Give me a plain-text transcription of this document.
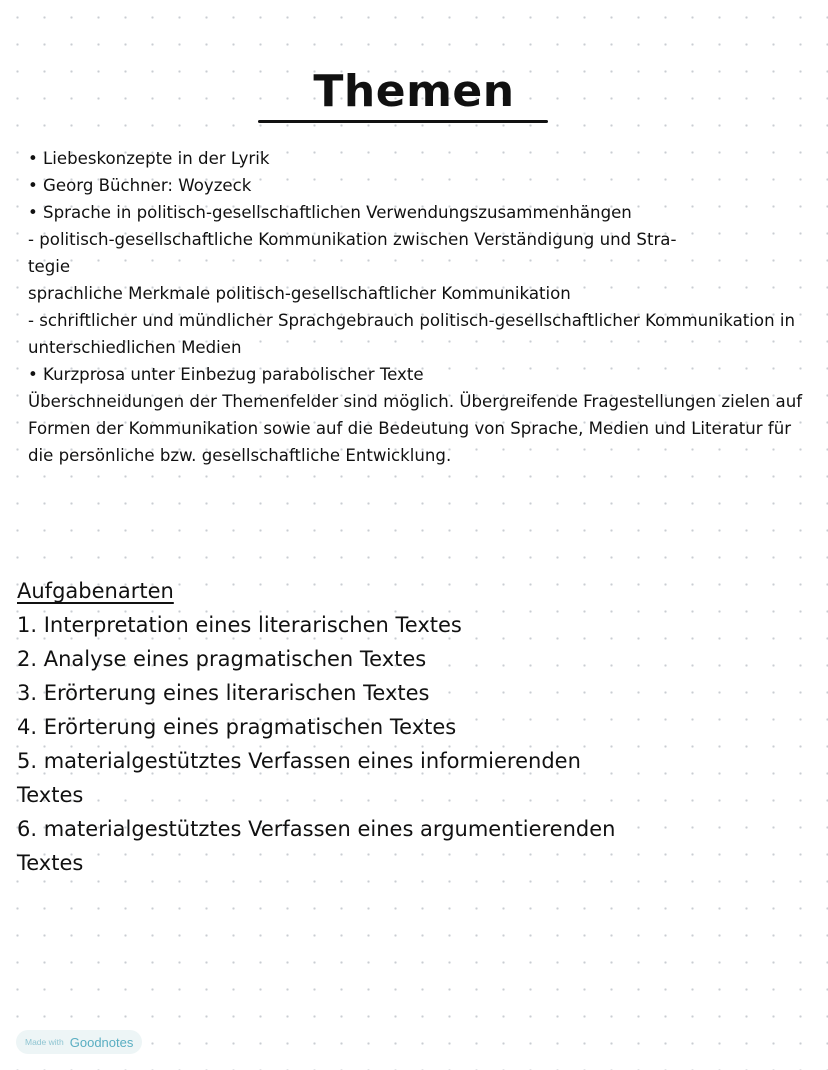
Themen
• Liebeskonzepte in der Lyrik
• Georg Büchner: Woyzeck
• Sprache in politisch-gesellschaftlichen Verwendungszusammenhängen
- politisch-gesellschaftliche Kommunikation zwischen Verständigung und Stra-
tegie
sprachliche Merkmale politisch-gesellschaftlicher Kommunikation
- schriftlicher und mündlicher Sprachgebrauch politisch-gesellschaftlicher Kommunikation in
unterschiedlichen Medien
• Kurzprosa unter Einbezug parabolischer Texte
Überschneidungen der Themenfelder sind möglich. Übergreifende Fragestellungen zielen auf
Formen der Kommunikation sowie auf die Bedeutung von Sprache, Medien und Literatur für
die persönliche bzw. gesellschaftliche Entwicklung.
Aufgabenarten
1. Interpretation eines literarischen Textes
2. Analyse eines pragmatischen Textes
3. Erörterung eines literarischen Textes
4. Erörterung eines pragmatischen Textes
5. materialgestütztes Verfassen eines informierenden
Textes
6. materialgestütztes Verfassen eines argumentierenden
Textes
Made with Goodnotes
